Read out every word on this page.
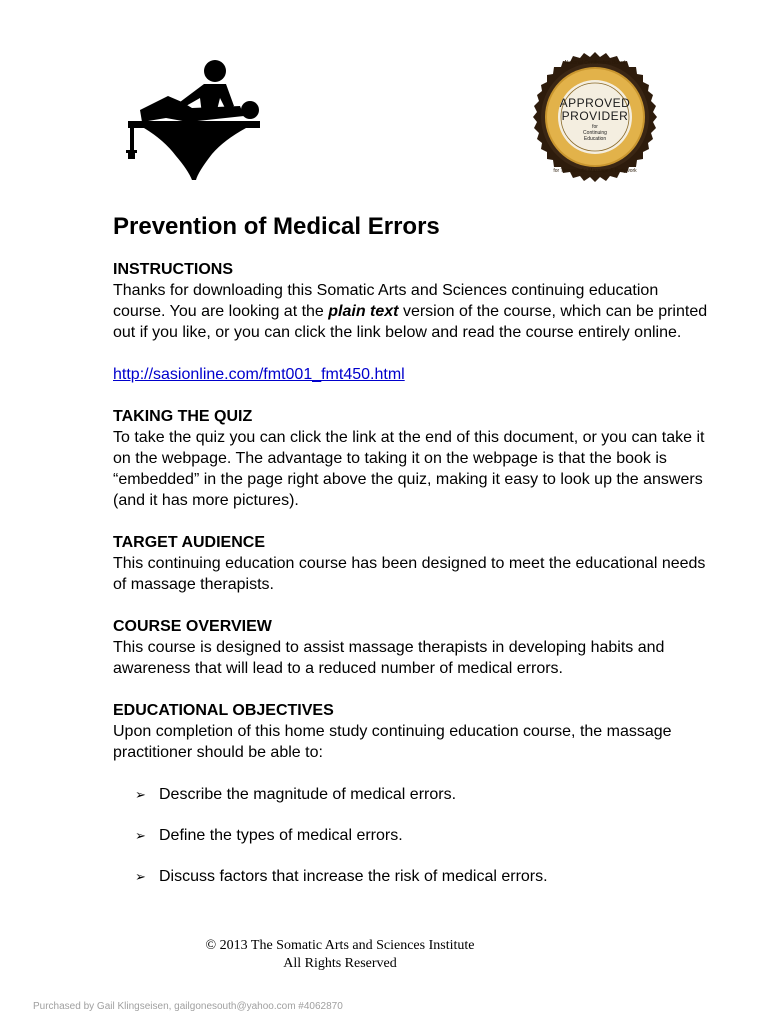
National Certification Board
APPROVED
PROVIDER
for
Continuing
Education
for Therapeutic Massage & Bodywork
Prevention of Medical Errors

INSTRUCTIONS

Thanks for downloading this Somatic Arts and Sciences continuing education course. You are looking at the plain text version of the course, which can be printed out if you like, or you can click the link below and read the course entirely online.

http://sasionline.com/fmt001_fmt450.html

TAKING THE QUIZ

To take the quiz you can click the link at the end of this document, or you can take it on the webpage. The advantage to taking it on the webpage is that the book is “embedded” in the page right above the quiz, making it easy to look up the answers (and it has more pictures).

TARGET AUDIENCE

This continuing education course has been designed to meet the educational needs of massage therapists.

COURSE OVERVIEW

This course is designed to assist massage therapists in developing habits and awareness that will lead to a reduced number of medical errors.

EDUCATIONAL OBJECTIVES

Upon completion of this home study continuing education course, the massage practitioner should be able to:

➢ Describe the magnitude of medical errors.
➢ Define the types of medical errors.
➢ Discuss factors that increase the risk of medical errors.
© 2013 The Somatic Arts and Sciences Institute
All Rights Reserved
Purchased by Gail Klingseisen, gailgonesouth@yahoo.com #4062870
